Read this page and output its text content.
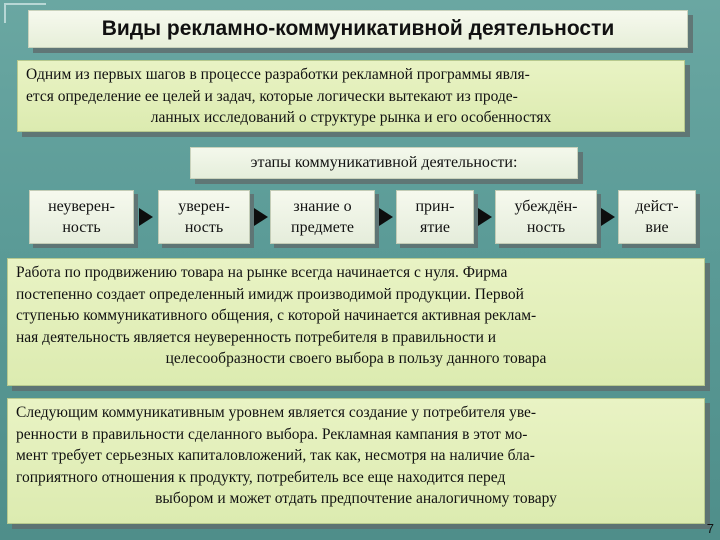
Виды рекламно-коммуникативной деятельности
Одним из первых шагов в процессе разработки рекламной программы явля-
ется определение ее целей и задач, которые логически вытекают из проде-

ланных исследований о структуре рынка и его особенностях
этапы коммуникативной деятельности:
неуверен-
ность
уверен-
ность
знание о
предмете
прин-
ятие
убеждён-
ность
дейст-
вие
Работа по продвижению товара на рынке всегда начинается с нуля. Фирма
постепенно создает определенный имидж производимой продукции. Первой
ступенью коммуникативного общения, с которой начинается активная реклам-
ная деятельность является неуверенность потребителя в правильности и

целесообразности своего выбора в пользу данного товара
Следующим коммуникативным уровнем является создание у потребителя уве-
ренности в правильности сделанного выбора. Рекламная кампания в этот мо-
мент требует серьезных капиталовложений, так как, несмотря на наличие бла-
гоприятного отношения к продукту, потребитель все еще находится перед

выбором и может отдать предпочтение аналогичному товару
7
